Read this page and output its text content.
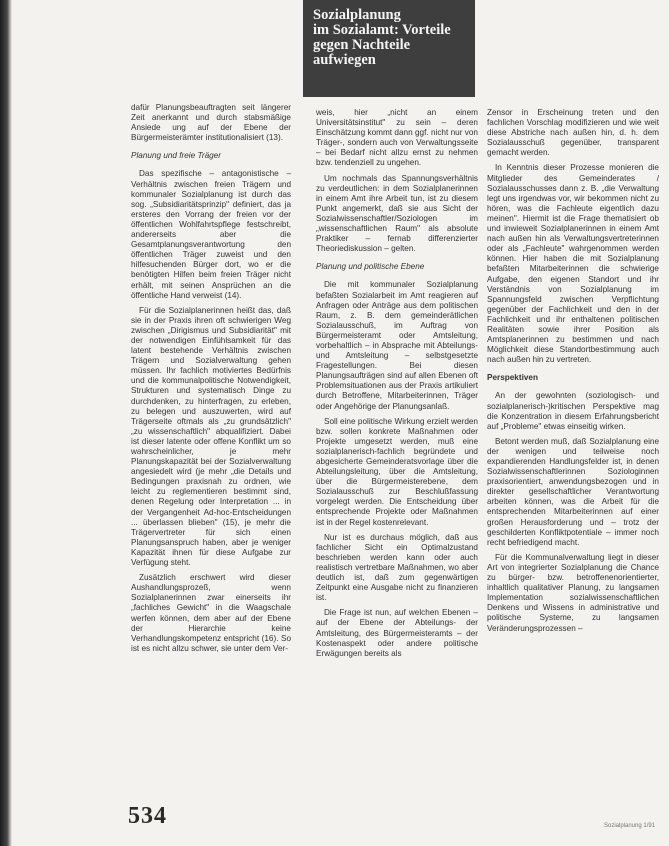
Sozialplanung
im Sozialamt: Vorteile
gegen Nachteile
aufwiegen

dafür Planungsbeauftragten seit längerer Zeit anerkannt und durch stabsmäßige Ansiede ung auf der Ebene der Bürgermeisterämter institutionalisiert (13).

Planung und freie Träger

Das spezifische – antagonistische – Verhältnis zwischen freien Trägern und kommunaler Sozialplanung ist durch das sog. „Subsidiaritätsprinzip" definiert, das ja ersteres den Vorrang der freien vor der öffentlichen Wohlfahrtspflege festschreibt, andererseits aber die Gesamtplanungsverantwortung den öffentlichen Träger zuweist und den hilfesuchenden Bürger dort, wo er die benötigten Hilfen beim freien Träger nicht erhält, mit seinen Ansprüchen an die öffentliche Hand verweist (14).

Für die Sozialplanerinnen heißt das, daß sie in der Praxis ihren oft schwierigen Weg zwischen „Dirigismus und Subsidiarität" mit der notwendigen Einfühlsamkeit für das latent bestehende Verhältnis zwischen Trägern und Sozialverwaltung gehen müssen. Ihr fachlich motiviertes Bedürfnis und die kommunalpolitische Notwendigkeit, Strukturen und systematisch Dinge zu durchdenken, zu hinterfragen, zu erleben, zu belegen und auszuwerten, wird auf Trägerseite oftmals als „zu grundsätzlich" „zu wissenschaftlich" abqualifiziert. Dabei ist dieser latente oder offene Konflikt um so wahrscheinlicher, je mehr Planungskapazität bei der Sozialverwaltung angesiedelt wird (je mehr „die Details und Bedingungen praxisnah zu ordnen, wie leicht zu reglementieren bestimmt sind, denen Regelung oder Interpretation ... in der Vergangenheit Ad-hoc-Entscheidungen ... überlassen blieben" (15), je mehr die Trägervertreter für sich einen Planungsanspruch haben, aber je weniger Kapazität ihnen für diese Aufgabe zur Verfügung steht.

Zusätzlich erschwert wird dieser Aushandlungsprozeß, wenn Sozialplanerinnen zwar einerseits ihr „fachliches Gewicht" in die Waagschale werfen können, dem aber auf der Ebene der Hierarchie keine Verhandlungskompetenz entspricht (16). So ist es nicht allzu schwer, sie unter dem Ver-

weis, hier „nicht an einem Universitätsinstitut" zu sein – deren Einschätzung kommt dann ggf. nicht nur von Träger-, sondern auch von Verwaltungsseite – bei Bedarf nicht allzu ernst zu nehmen bzw. tendenziell zu ungehen.

Um nochmals das Spannungsverhältnis zu verdeutlichen: in dem Sozialplanerinnen in einem Amt ihre Arbeit tun, ist zu diesem Punkt angemerkt, daß sie aus Sicht der Sozialwissenschaftler/Soziologen im „wissenschaftlichen Raum" als absolute Praktiker – fernab differenzierter Theoriediskussion – gelten.

Planung und politische Ebene

Die mit kommunaler Sozialplanung befaßten Sozialarbeit im Amt reagieren auf Anfragen oder Anträge aus dem politischen Raum, z. B. dem gemeinderätlichen Sozialausschuß, im Auftrag von Bürgermeisteramt oder Amtsleitung, vorbehaltlich – in Absprache mit Abteilungs- und Amtsleitung – selbstgesetzte Fragestellungen. Bei diesen Planungsaufträgen sind auf allen Ebenen oft Problemsituationen aus der Praxis artikuliert durch Betroffene, Mitarbeiterinnen, Träger oder Angehörige der Planungsanlaß.

Soll eine politische Wirkung erzielt werden bzw. sollen konkrete Maßnahmen oder Projekte umgesetzt werden, muß eine sozialplanerisch-fachlich begründete und abgesicherte Gemeinderatsvorlage über die Abteilungsleitung, über die Amtsleitung, über die Bürgermeisterebene, dem Sozialausschuß zur Beschlußfassung vorgelegt werden. Die Entscheidung über entsprechende Projekte oder Maßnahmen ist in der Regel kostenrelevant.

Nur ist es durchaus möglich, daß aus fachlicher Sicht ein Optimalzustand beschrieben werden kann oder auch realistisch vertretbare Maßnahmen, wo aber deutlich ist, daß zum gegenwärtigen Zeitpunkt eine Ausgabe nicht zu finanzieren ist.

Die Frage ist nun, auf welchen Ebenen – auf der Ebene der Abteilungs- der Amtsleitung, des Bürgermeisteramts – der Kostenaspekt oder andere politische Erwägungen bereits als

Zensor in Erscheinung treten und den fachlichen Vorschlag modifizieren und wie weit diese Abstriche nach außen hin, d. h. dem Sozialausschuß gegenüber, transparent gemacht werden.

In Kenntnis dieser Prozesse monieren die Mitglieder des Gemeinderates / Sozialausschusses dann z. B. „die Verwaltung legt uns irgendwas vor, wir bekommen nicht zu hören, was die Fachleute eigentlich dazu meinen". Hiermit ist die Frage thematisiert ob und inwieweit Sozialplanerinnen in einem Amt nach außen hin als Verwaltungsvertreterinnen oder als „Fachleute" wahrgenommen werden können. Hier haben die mit Sozialplanung befaßten Mitarbeiterinnen die schwierige Aufgabe, den eigenen Standort und ihr Verständnis von Sozialplanung im Spannungsfeld zwischen Verpflichtung gegenüber der Fachlichkeit und den in der Fachlichkeit und ihr enthaltenen politischen Realitäten sowie ihrer Position als Amtsplanerinnen zu bestimmen und nach Möglichkeit diese Standortbestimmung auch nach außen hin zu vertreten.

Perspektiven

An der gewohnten (soziologisch- und sozialplanerisch-)kritischen Perspektive mag die Konzentration in diesem Erfahrungsbericht auf „Probleme" etwas einseitig wirken.

Betont werden muß, daß Sozialplanung eine der wenigen und teilweise noch expandierenden Handlungsfelder ist, in denen Sozialwissenschaftlerinnen Soziologinnen praxisorientiert, anwendungsbezogen und in direkter gesellschaftlicher Verantwortung arbeiten können, was die Arbeit für die entsprechenden Mitarbeiterinnen auf einer großen Herausforderung und – trotz der geschilderten Konfliktpotentiale – immer noch recht befriedigend macht.

Für die Kommunalverwaltung liegt in dieser Art von integrierter Sozialplanung die Chance zu bürger- bzw. betroffenenorientierter, inhaltlich qualitativer Planung, zu langsamen Implementation sozialwissenschaftlichen Denkens und Wissens in administrative und politische Systeme, zu langsamen Veränderungsprozessen –

534	Sozialplanung 1/91
